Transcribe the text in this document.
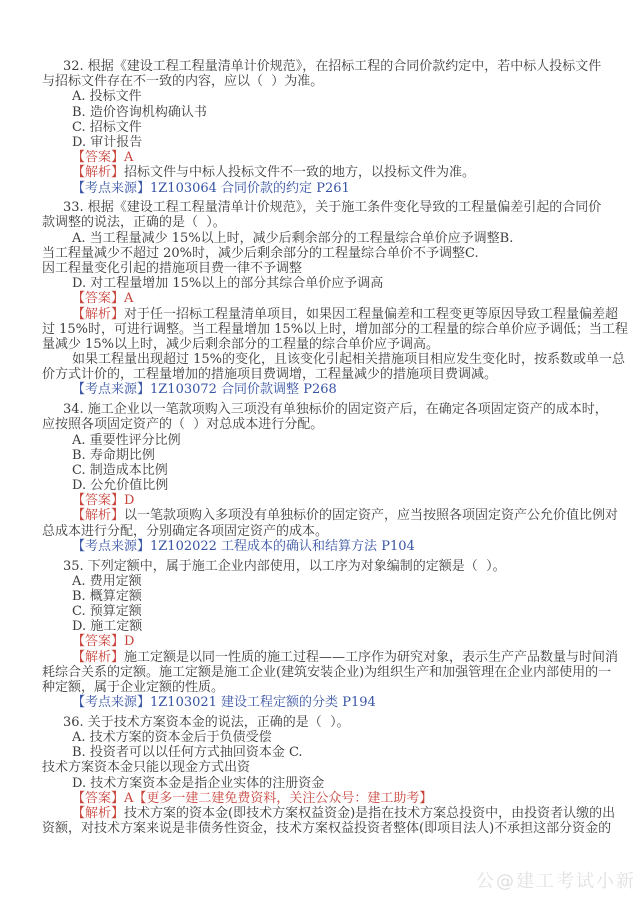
32. 根据《建设工程工程量清单计价规范》，在招标工程的合同价款约定中，若中标人投标文件
与招标文件存在不一致的内容，应以（  ）为准。
A. 投标文件
B. 造价咨询机构确认书
C. 招标文件
D. 审计报告
【答案】A
【解析】招标文件与中标人投标文件不一致的地方，以投标文件为准。
【考点来源】1Z103064 合同价款的约定 P261
33. 根据《建设工程工程量清单计价规范》，关于施工条件变化导致的工程量偏差引起的合同价
款调整的说法，正确的是（  ）。
A. 当工程量减少 15%以上时，减少后剩余部分的工程量综合单价应予调整B.
当工程量减少不超过 20%时，减少后剩余部分的工程量综合单价不予调整C.
因工程量变化引起的措施项目费一律不予调整
D. 对工程量增加 15%以上的部分其综合单价应予调高
【答案】A
【解析】对于任一招标工程量清单项目，如果因工程量偏差和工程变更等原因导致工程量偏差超
过 15%时，可进行调整。当工程量增加 15%以上时，增加部分的工程量的综合单价应予调低；当工程
量减少 15%以上时，减少后剩余部分的工程量的综合单价应予调高。
如果工程量出现超过 15%的变化，且该变化引起相关措施项目相应发生变化时，按系数或单一总
价方式计价的，工程量增加的措施项目费调增，工程量减少的措施项目费调减。
【考点来源】1Z103072 合同价款调整 P268
34. 施工企业以一笔款项购入三项没有单独标价的固定资产后，在确定各项固定资产的成本时，
应按照各项固定资产的（  ）对总成本进行分配。
A. 重要性评分比例
B. 寿命期比例
C. 制造成本比例
D. 公允价值比例
【答案】D
【解析】以一笔款项购入多项没有单独标价的固定资产，应当按照各项固定资产公允价值比例对
总成本进行分配，分别确定各项固定资产的成本。
【考点来源】1Z102022 工程成本的确认和结算方法 P104
35. 下列定额中，属于施工企业内部使用，以工序为对象编制的定额是（  ）。
A. 费用定额
B. 概算定额
C. 预算定额
D. 施工定额
【答案】D
【解析】施工定额是以同一性质的施工过程——工序作为研究对象，表示生产产品数量与时间消
耗综合关系的定额。施工定额是施工企业(建筑安装企业)为组织生产和加强管理在企业内部使用的一
种定额，属于企业定额的性质。
【考点来源】1Z103021 建设工程定额的分类 P194
36. 关于技术方案资本金的说法，正确的是（  ）。
A. 技术方案的资本金后于负债受偿
B. 投资者可以以任何方式抽回资本金 C.
技术方案资本金只能以现金方式出资
D. 技术方案资本金是指企业实体的注册资金
【答案】A【更多一建二建免费资料，关注公众号：建工助考】
【解析】技术方案的资本金(即技术方案权益资金)是指在技术方案总投资中，由投资者认缴的出
资额，对技术方案来说是非债务性资金，技术方案权益投资者整体(即项目法人)不承担这部分资金的
公@建工考试小新
